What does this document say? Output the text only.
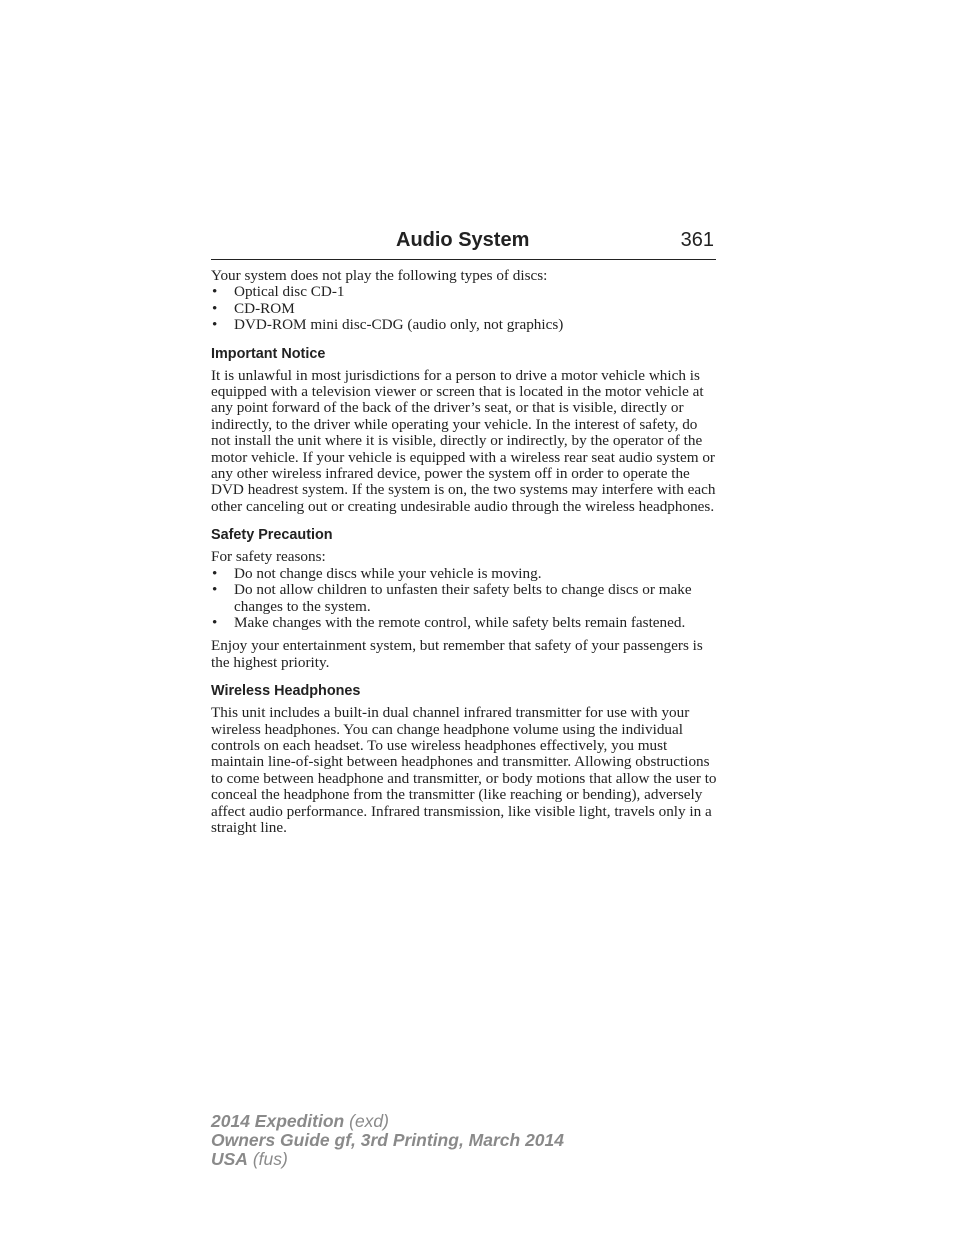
Audio System	361

Your system does not play the following types of discs:

• Optical disc CD-1
• CD-ROM
• DVD-ROM mini disc-CDG (audio only, not graphics)
Important Notice

It is unlawful in most jurisdictions for a person to drive a motor vehicle which is equipped with a television viewer or screen that is located in the motor vehicle at any point forward of the back of the driver’s seat, or that is visible, directly or indirectly, to the driver while operating your vehicle. In the interest of safety, do not install the unit where it is visible, directly or indirectly, by the operator of the motor vehicle. If your vehicle is equipped with a wireless rear seat audio system or any other wireless infrared device, power the system off in order to operate the DVD headrest system. If the system is on, the two systems may interfere with each other canceling out or creating undesirable audio through the wireless headphones.

Safety Precaution

For safety reasons:

• Do not change discs while your vehicle is moving.
• Do not allow children to unfasten their safety belts to change discs or make changes to the system.
• Make changes with the remote control, while safety belts remain fastened.

Enjoy your entertainment system, but remember that safety of your passengers is the highest priority.

Wireless Headphones

This unit includes a built-in dual channel infrared transmitter for use with your wireless headphones. You can change headphone volume using the individual controls on each headset. To use wireless headphones effectively, you must maintain line-of-sight between headphones and transmitter. Allowing obstructions to come between headphone and transmitter, or body motions that allow the user to conceal the headphone from the transmitter (like reaching or bending), adversely affect audio performance. Infrared transmission, like visible light, travels only in a straight line.

2014 Expedition (exd)
Owners Guide gf, 3rd Printing, March 2014
USA (fus)
